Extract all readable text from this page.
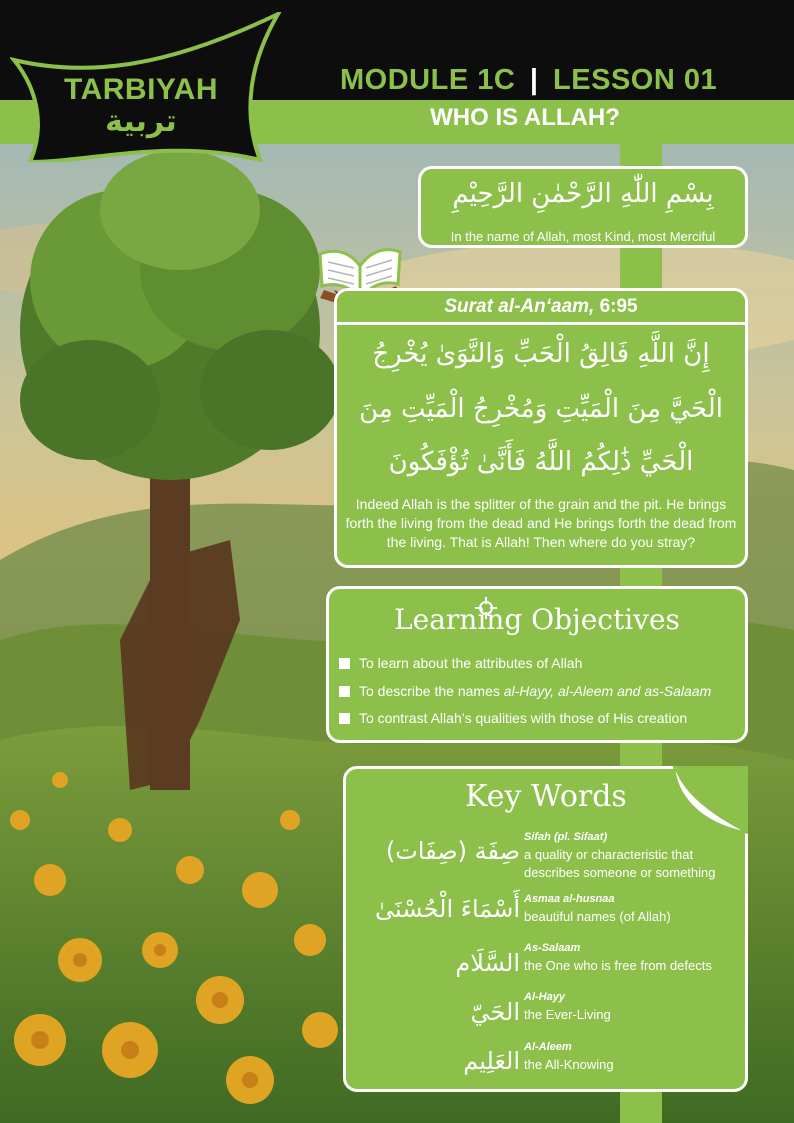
TARBIYAH
تربية
MODULE 1C | LESSON 01
WHO IS ALLAH?
بِسْمِ اللّٰهِ الرَّحْمٰنِ الرَّحِيْمِ
In the name of Allah, most Kind, most Merciful
Surat al-An‘aam, 6:95
إِنَّ اللَّهِ فَالِقُ الْحَبِّ وَالنَّوَىٰ يُخْرِجُ
الْحَيَّ مِنَ الْمَيِّتِ وَمُخْرِجُ الْمَيِّتِ مِنَ
الْحَيِّ ذَٰلِكُمُ اللَّهُ فَأَنَّىٰ تُؤْفَكُونَ
Indeed Allah is the splitter of the grain and the pit. He brings forth the living from the dead and He brings forth the dead from the living. That is Allah! Then where do you stray?
Learning Objectives
To learn about the attributes of Allah
To describe the names al-Hayy, al-Aleem and as-Salaam
To contrast Allah’s qualities with those of His creation
Key Words
صِفَة (صِفَات) Sifah (pl. Sifaat)
a quality or characteristic that describes someone or something
أَسْمَاءَ الْحُسْنَىٰ Asmaa al-husnaa
beautiful names (of Allah)
السَّلَام
As-Salaam
the One who is free from defects
الحَيّ
Al-Hayy
the Ever-Living
العَلِيم Al-Aleem
the All-Knowing
